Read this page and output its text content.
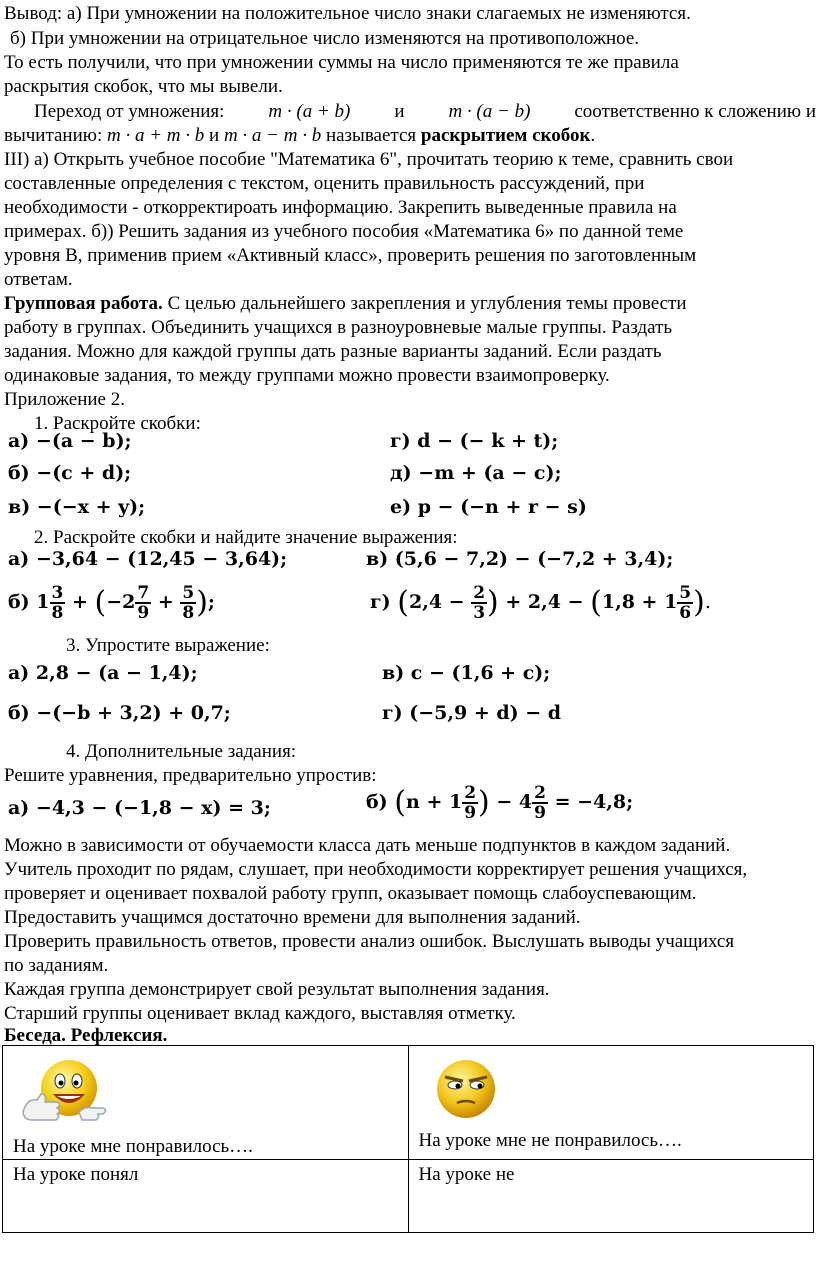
Вывод: а) При умножении на положительное число знаки слагаемых не изменяются.
б) При умножении на отрицательное число изменяются на противоположное.
То есть получили, что при умножении суммы на число применяются те же правила
раскрытия скобок, что мы вывели.
Переход от умножения: m · (a + b) и m · (a − b) соответственно к сложению и
вычитанию: m · a + m · b и m · a − m · b называется раскрытием скобок.
III) а) Открыть учебное пособие "Математика 6", прочитать теорию к теме, сравнить свои
составленные определения с текстом, оценить правильность рассуждений, при
необходимости - откорректироать информацию. Закрепить выведенные правила на
примерах. б)) Решить задания из учебного пособия «Математика 6» по данной теме
уровня В, применив прием «Активный класс», проверить решения по заготовленным
ответам.
Групповая работа. С целью дальнейшего закрепления и углубления темы провести
работу в группах. Объединить учащихся в разноуровневые малые группы. Раздать
задания. Можно для каждой группы дать разные варианты заданий. Если раздать
одинаковые задания, то между группами можно провести взаимопроверку.
Приложение 2.
1. Раскройте скобки:
а) −(a − b);
б) −(c + d);
в) −(−x + y);
г) d − (− k + t);
д) −m + (a − c);
е) p − (−n + r − s)
2. Раскройте скобки и найдите значение выражения:
а) −3,64 − (12,45 − 3,64);	в) (5,6 − 7,2) − (−7,2 + 3,4);
б) $1 \frac{3}{8} + (-2 \frac{7}{9} + \frac{5}{8}$ );	г) ($2,4 - \frac{2}{3}$ ) + $2,4 - (1,8 + 1 \frac{5}{6}$ ).
3. Упростите выражение:
а) 2,8 − (a − 1,4);	в) c − (1,6 + c);
б) −(−b + 3,2) + 0,7;	г) (−5,9 + d) − d
4. Дополнительные задания:
Решите уравнения, предварительно упростив:
а) −4,3 − (−1,8 − x) = 3;	б) ($n + 1 \frac{2}{9}$ ) − $4 \frac{2}{9} = -4,8$;
Можно в зависимости от обучаемости класса дать меньше подпунктов в каждом заданий.
Учитель проходит по рядам, слушает, при необходимости корректирует решения учащихся,
проверяет и оценивает похвалой работу групп, оказывает помощь слабоуспевающим.
Предоставить учащимся достаточно времени для выполнения заданий.
Проверить правильность ответов, провести анализ ошибок. Выслушать выводы учащихся
по заданиям.
Каждая группа демонстрирует свой результат выполнения задания.
Старший группы оценивает вклад каждого, выставляя отметку.
Беседа. Рефлексия.
На уроке мне понравилось….	На уроке мне не понравилось….

На уроке понял	На уроке не
